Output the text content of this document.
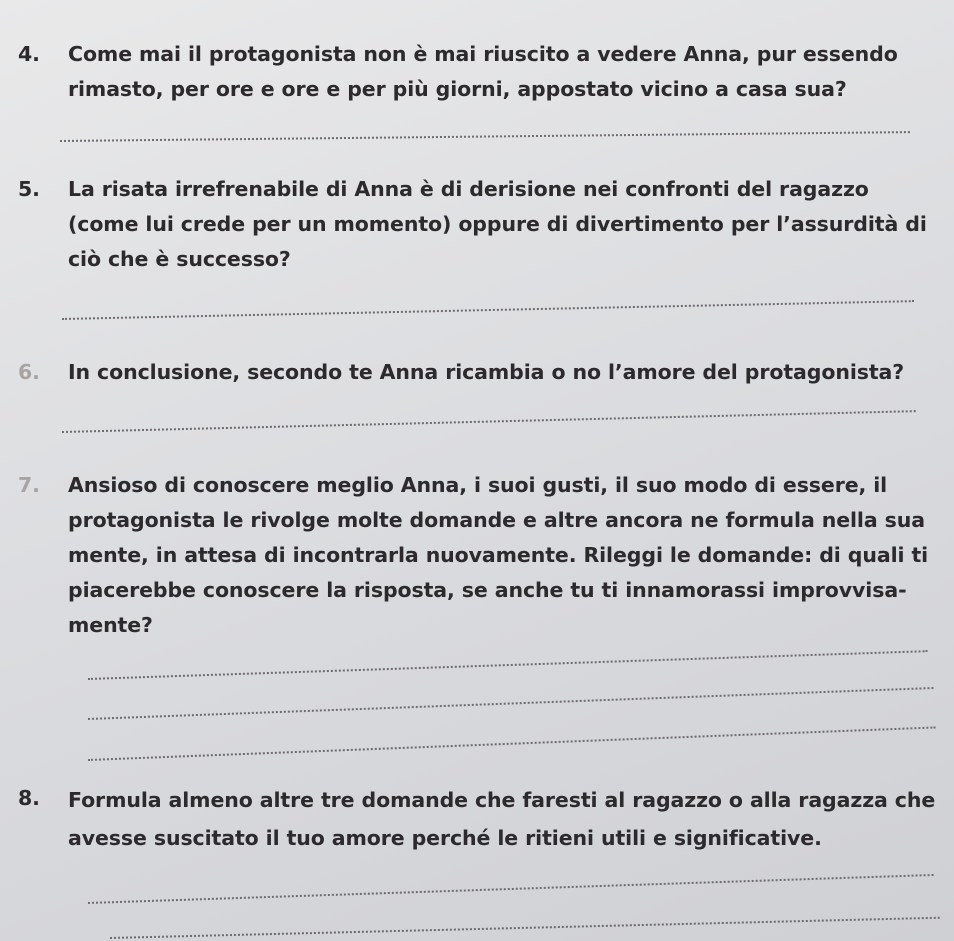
4.	Come mai il protagonista non è mai riuscito a vedere Anna, pur essendo rimasto, per ore e ore e per più giorni, appostato vicino a casa sua?
5.	La risata irrefrenabile di Anna è di derisione nei confronti del ragazzo (come lui crede per un momento) oppure di divertimento per l’assurdità di ciò che è successo?
6.	In conclusione, secondo te Anna ricambia o no l’amore del protagonista?
7.	Ansioso di conoscere meglio Anna, i suoi gusti, il suo modo di essere, il protagonista le rivolge molte domande e altre ancora ne formula nella sua mente, in attesa di incontrarla nuovamente. Rileggi le domande: di quali ti piacerebbe conoscere la risposta, se anche tu ti innamorassi improvvisa-mente?
8.	Formula almeno altre tre domande che faresti al ragazzo o alla ragazza che avesse suscitato il tuo amore perché le ritieni utili e significative.
